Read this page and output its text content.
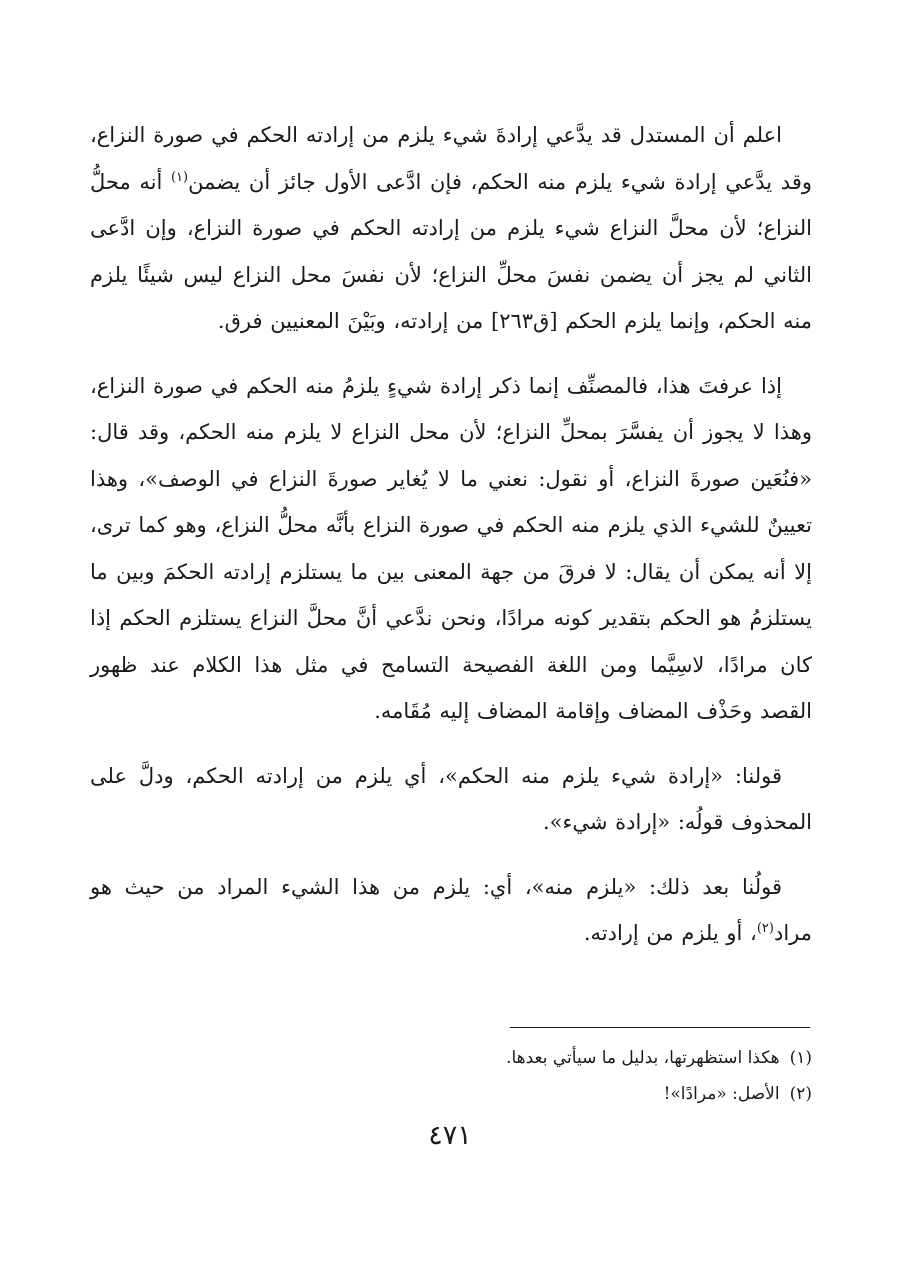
اعلم أن المستدل قد يدَّعي إرادةَ شيء يلزم من إرادته الحكم في صورة النزاع، وقد يدَّعي إرادة شيء يلزم منه الحكم، فإن ادَّعى الأول جائز أن يضمن$^{(١)}$ أنه محلُّ النزاع؛ لأن محلَّ النزاع شيء يلزم من إرادته الحكم في صورة النزاع، وإن ادَّعى الثاني لم يجز أن يضمن نفسَ محلِّ النزاع؛ لأن نفسَ محل النزاع ليس شيئًا يلزم منه الحكم، وإنما يلزم الحكم [ق٢٦٣] من إرادته، وبَيْنَ المعنيين فرق.

إذا عرفتَ هذا، فالمصنِّف إنما ذكر إرادة شيءٍ يلزمُ منه الحكم في صورة النزاع، وهذا لا يجوز أن يفسَّرَ بمحلِّ النزاع؛ لأن محل النزاع لا يلزم منه الحكم، وقد قال: «فنُعَين صورةَ النزاع، أو نقول: نعني ما لا يُغاير صورةَ النزاع في الوصف»، وهذا تعيينٌ للشيء الذي يلزم منه الحكم في صورة النزاع بأنَّه محلُّ النزاع، وهو كما ترى، إلا أنه يمكن أن يقال: لا فرقَ من جهة المعنى بين ما يستلزم إرادته الحكمَ وبين ما يستلزمُ هو الحكم بتقدير كونه مرادًا، ونحن ندَّعي أنَّ محلَّ النزاع يستلزم الحكم إذا كان مرادًا، لاسِيَّما ومن اللغة الفصيحة التسامح في مثل هذا الكلام عند ظهور القصد وحَذْف المضاف وإقامة المضاف إليه مُقَامه.

قولنا: «إرادة شيء يلزم منه الحكم»، أي يلزم من إرادته الحكم، ودلَّ على المحذوف قولُه: «إرادة شيء».

قولُنا بعد ذلك: «يلزم منه»، أي: يلزم من هذا الشيء المراد من حيث هو مراد$^{(٢)}$، أو يلزم من إرادته.

(١)هكذا استظهرتها، بدليل ما سيأتي بعدها.

(٢)الأصل: «مرادًا»!

٤٧١
